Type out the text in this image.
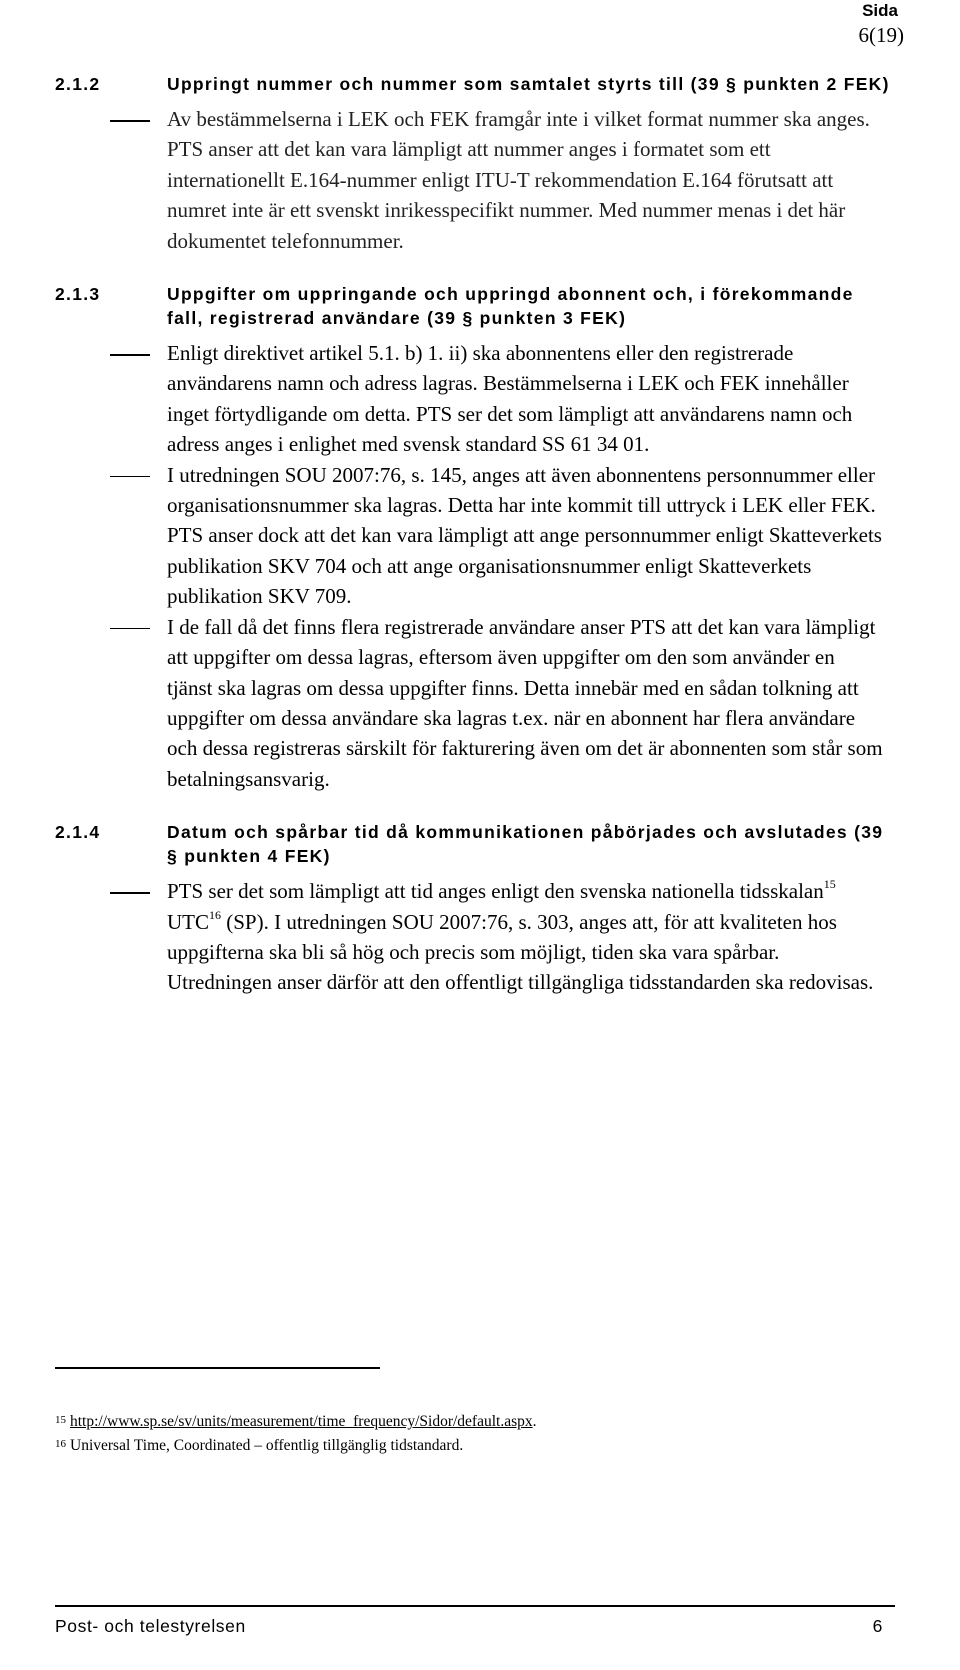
Sida
6(19)
2.1.2	Uppringt nummer och nummer som samtalet styrts till (39 § punkten 2 FEK)
Av bestämmelserna i LEK och FEK framgår inte i vilket format nummer ska anges. PTS anser att det kan vara lämpligt att nummer anges i formatet som ett internationellt E.164-nummer enligt ITU-T rekommendation E.164 förutsatt att numret inte är ett svenskt inrikesspecifikt nummer. Med nummer menas i det här dokumentet telefonnummer.
2.1.3	Uppgifter om uppringande och uppringd abonnent och, i förekommande fall, registrerad användare (39 § punkten 3 FEK)
Enligt direktivet artikel 5.1. b) 1. ii) ska abonnentens eller den registrerade användarens namn och adress lagras. Bestämmelserna i LEK och FEK innehåller inget förtydligande om detta. PTS ser det som lämpligt att användarens namn och adress anges i enlighet med svensk standard SS 61 34 01.
I utredningen SOU 2007:76, s. 145, anges att även abonnentens personnummer eller organisationsnummer ska lagras. Detta har inte kommit till uttryck i LEK eller FEK. PTS anser dock att det kan vara lämpligt att ange personnummer enligt Skatteverkets publikation SKV 704 och att ange organisationsnummer enligt Skatteverkets publikation SKV 709.
I de fall då det finns flera registrerade användare anser PTS att det kan vara lämpligt att uppgifter om dessa lagras, eftersom även uppgifter om den som använder en tjänst ska lagras om dessa uppgifter finns. Detta innebär med en sådan tolkning att uppgifter om dessa användare ska lagras t.ex. när en abonnent har flera användare och dessa registreras särskilt för fakturering även om det är abonnenten som står som betalningsansvarig.
2.1.4	Datum och spårbar tid då kommunikationen påbörjades och avslutades (39 § punkten 4 FEK)
PTS ser det som lämpligt att tid anges enligt den svenska nationella tidsskalan$^{15}$ UTC$^{16}$ (SP). I utredningen SOU 2007:76, s. 303, anges att, för att kvaliteten hos uppgifterna ska bli så hög och precis som möjligt, tiden ska vara spårbar. Utredningen anser därför att den offentligt tillgängliga tidsstandarden ska redovisas.
15 http://www.sp.se/sv/units/measurement/time_frequency/Sidor/default.aspx.
16 Universal Time, Coordinated – offentlig tillgänglig tidstandard.
Post- och telestyrelsen	6
